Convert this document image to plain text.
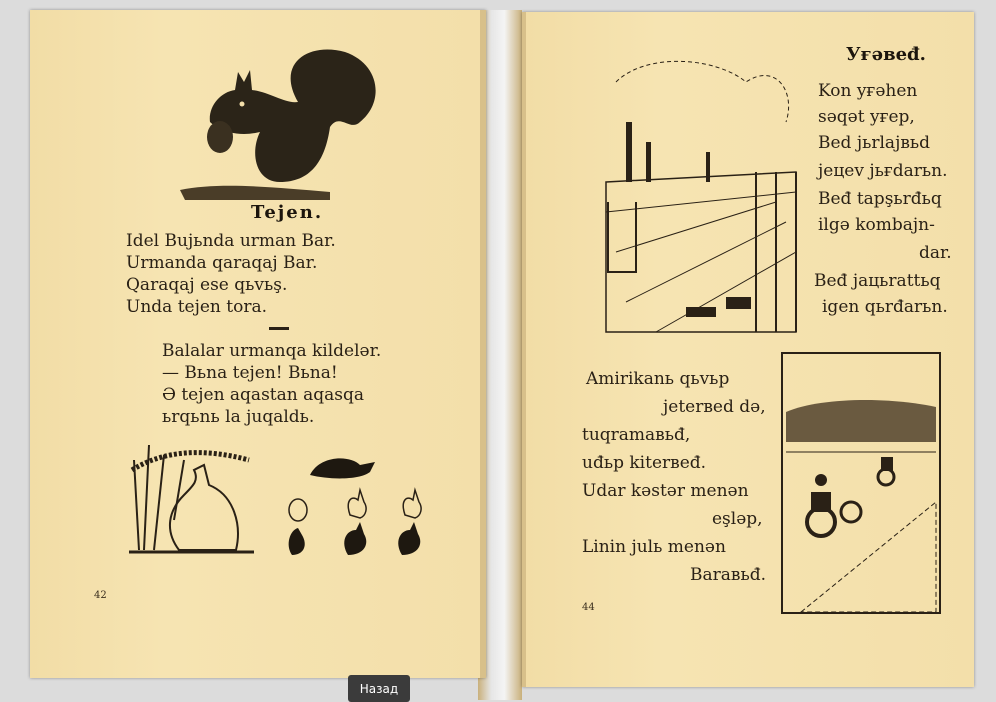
Tejen.
Idel Bujьnda urman Bar.
Urmanda qaraqaj Bar.
Qaraqaj ese qьvьş.
Unda tejen tora.
Balalar urmanqa kildelər.
— Вьna tejen! Вьna!
Ə tejen aqastan aqasqa
ьrqьnь la juqaldь.
42
Уғəвеđ.
Kon yғəhen
səqət yғер,
Bed jьrlajвьd
jeцev jьғdarьn.
Beđ tapşьrđьq
ilgə kombajn-
dar.
Beđ jaцьrattьq
igen qьrđarьn.
Amirikanь qьvьр
jeterвed də,
tuqramaвьđ,
uđьр kiterвеđ.
Udar kəstər menən
eşləp,
Linin julь menən
Baraвьđ.
44
Назад
